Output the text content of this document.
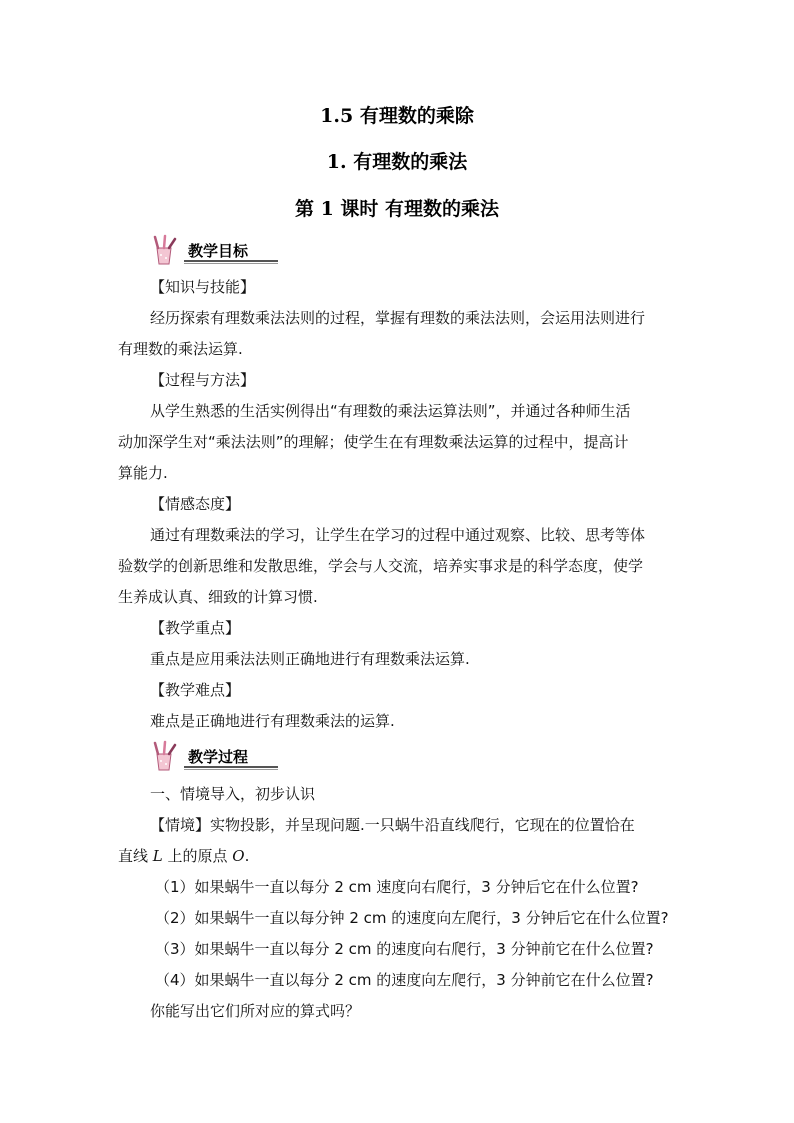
1.5 有理数的乘除
1. 有理数的乘法
第 1 课时 有理数的乘法
教学目标
【知识与技能】
经历探索有理数乘法法则的过程，掌握有理数的乘法法则，会运用法则进行
有理数的乘法运算.
【过程与方法】
从学生熟悉的生活实例得出“有理数的乘法运算法则”，并通过各种师生活
动加深学生对“乘法法则”的理解；使学生在有理数乘法运算的过程中，提高计
算能力.
【情感态度】
通过有理数乘法的学习，让学生在学习的过程中通过观察、比较、思考等体
验数学的创新思维和发散思维，学会与人交流，培养实事求是的科学态度，使学
生养成认真、细致的计算习惯.
【教学重点】
重点是应用乘法法则正确地进行有理数乘法运算.
【教学难点】
难点是正确地进行有理数乘法的运算.
教学过程
一、情境导入，初步认识
【情境】实物投影，并呈现问题.一只蜗牛沿直线爬行，它现在的位置恰在
直线 L 上的原点 O.
（1）如果蜗牛一直以每分 2 cm 速度向右爬行，3 分钟后它在什么位置?
（2）如果蜗牛一直以每分钟 2 cm 的速度向左爬行，3 分钟后它在什么位置?
（3）如果蜗牛一直以每分 2 cm 的速度向右爬行，3 分钟前它在什么位置?
（4）如果蜗牛一直以每分 2 cm 的速度向左爬行，3 分钟前它在什么位置?
你能写出它们所对应的算式吗？
